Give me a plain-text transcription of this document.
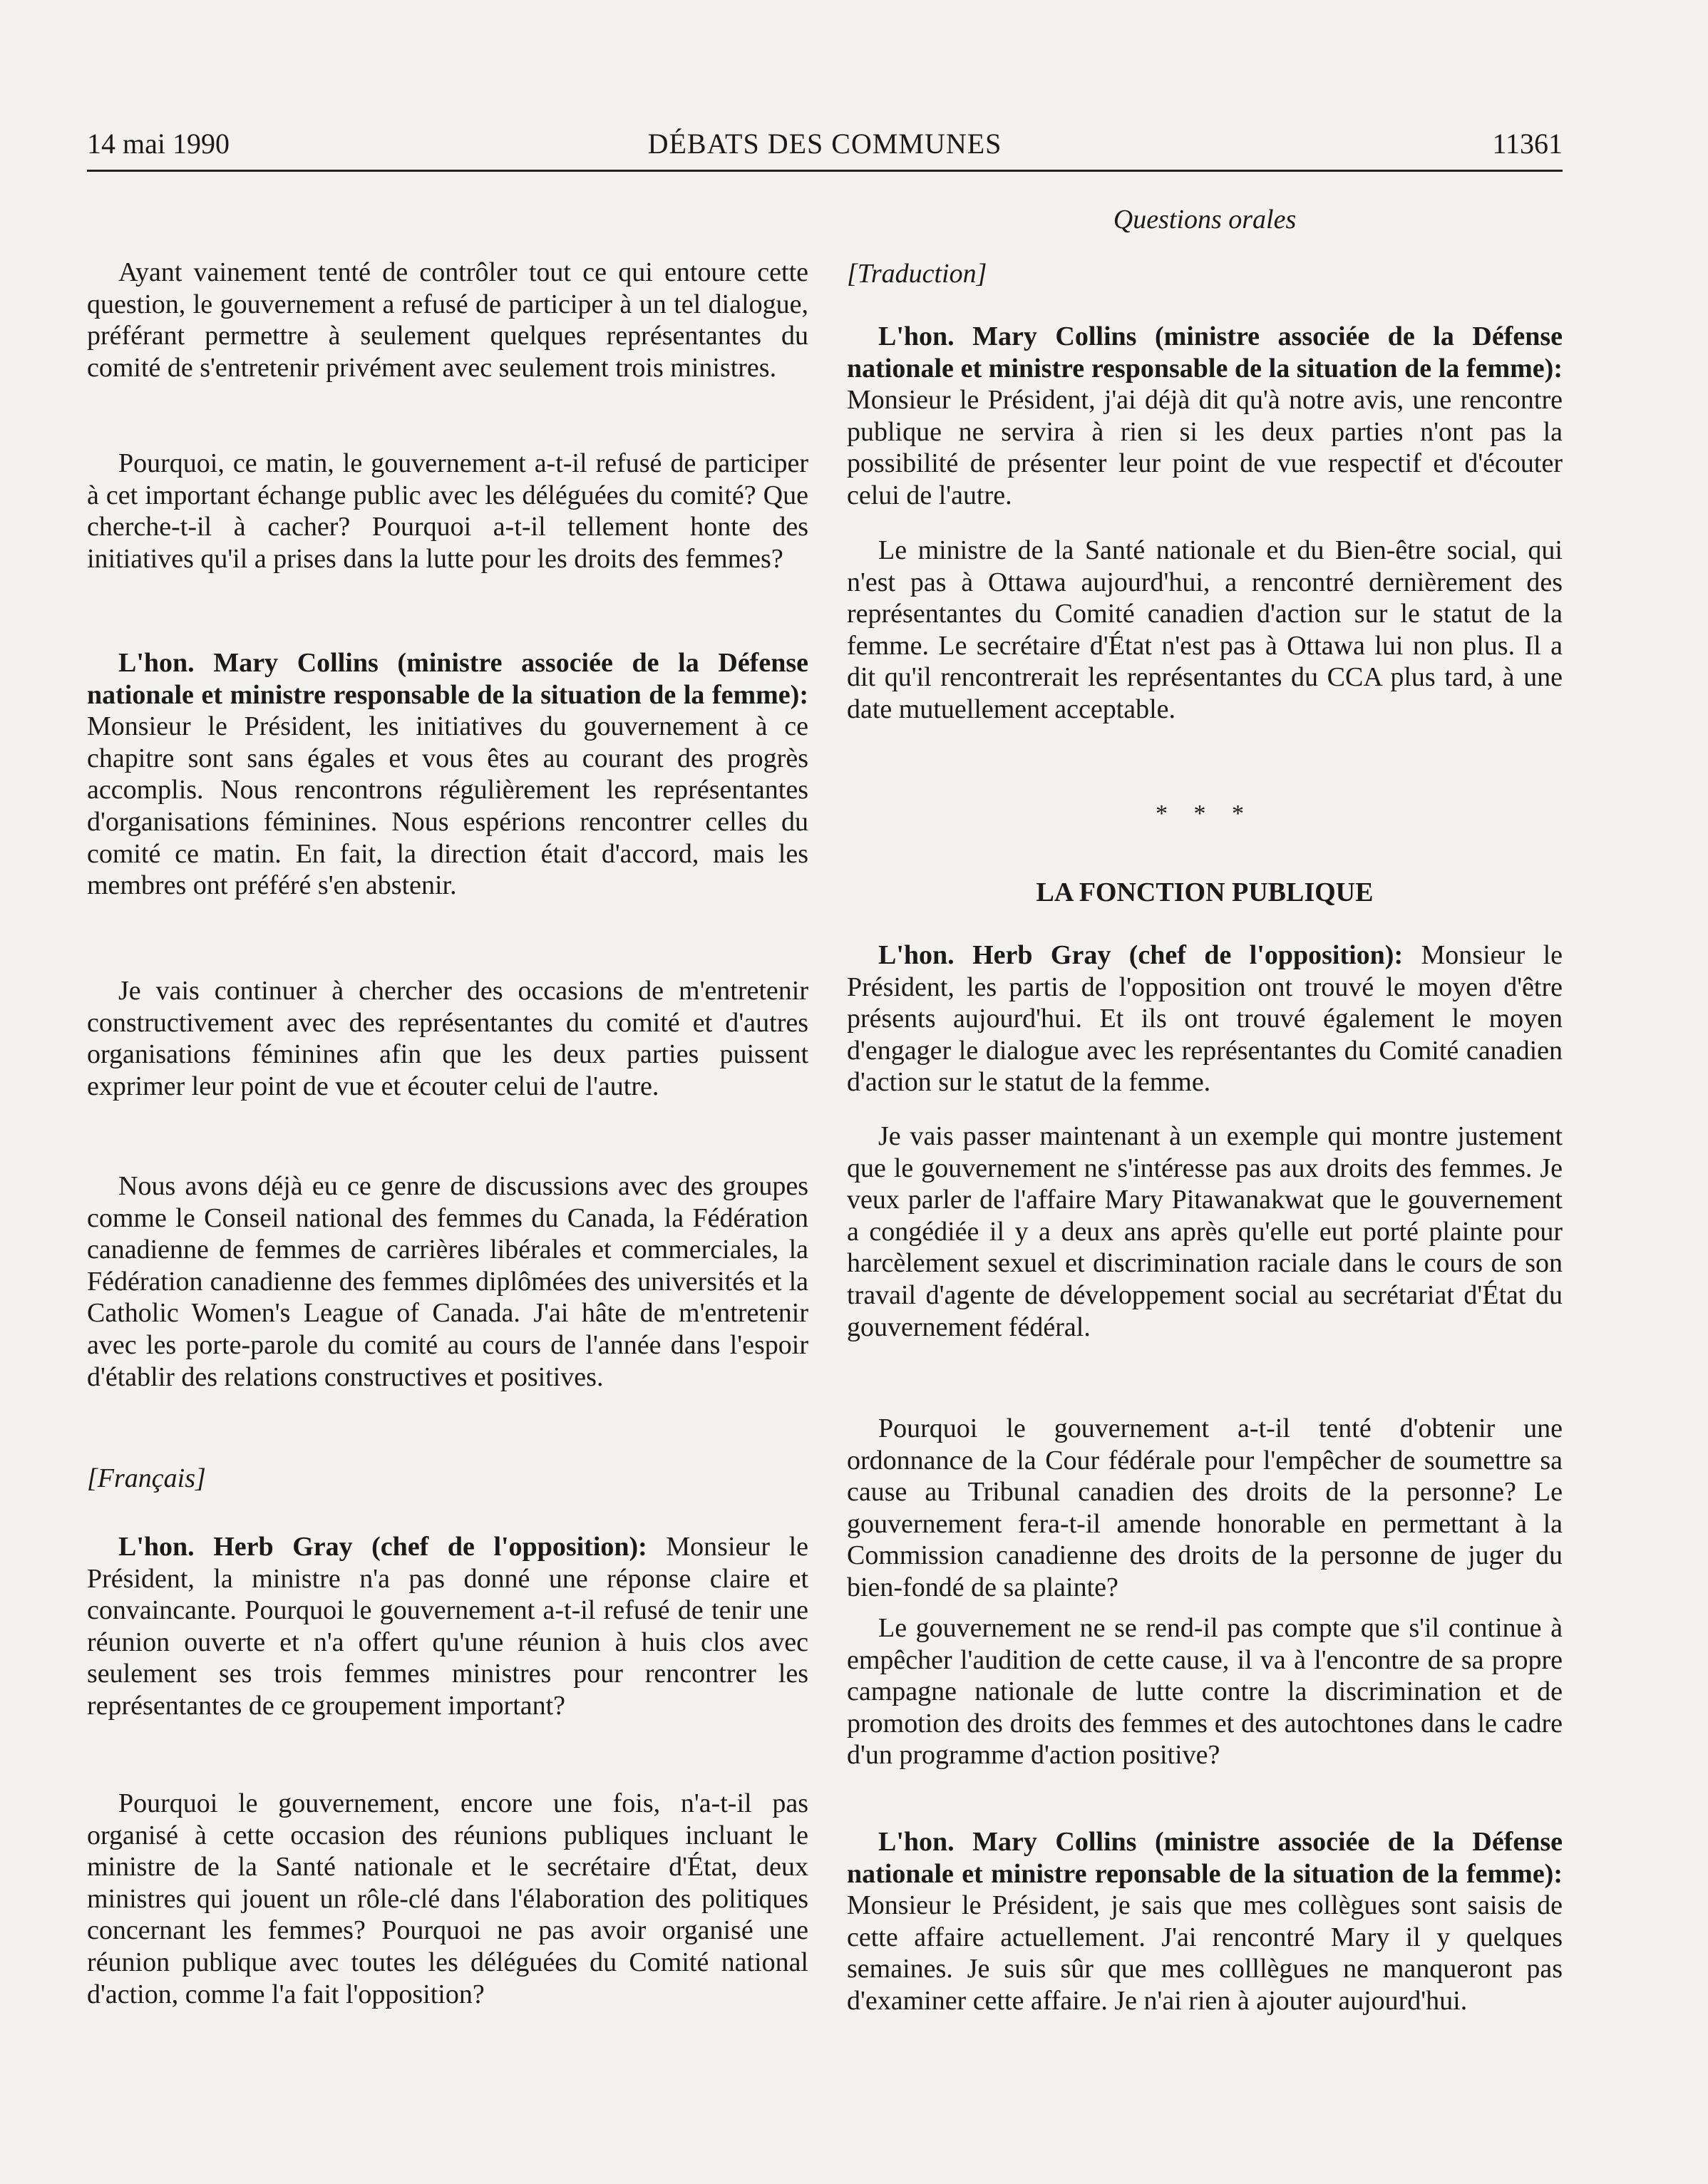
14 mai 1990	DÉBATS DES COMMUNES	11361
Questions orales

Ayant vainement tenté de contrôler tout ce qui entoure cette question, le gouvernement a refusé de participer à un tel dialogue, préférant permettre à seulement quelques représentantes du comité de s'entretenir privément avec seulement trois ministres.

Pourquoi, ce matin, le gouvernement a-t-il refusé de participer à cet important échange public avec les déléguées du comité? Que cherche-t-il à cacher? Pourquoi a-t-il tellement honte des initiatives qu'il a prises dans la lutte pour les droits des femmes?

L'hon. Mary Collins (ministre associée de la Défense nationale et ministre responsable de la situation de la femme): Monsieur le Président, les initiatives du gouvernement à ce chapitre sont sans égales et vous êtes au courant des progrès accomplis. Nous rencontrons régulièrement les représentantes d'organisations féminines. Nous espérions rencontrer celles du comité ce matin. En fait, la direction était d'accord, mais les membres ont préféré s'en abstenir.

Je vais continuer à chercher des occasions de m'entretenir constructivement avec des représentantes du comité et d'autres organisations féminines afin que les deux parties puissent exprimer leur point de vue et écouter celui de l'autre.

Nous avons déjà eu ce genre de discussions avec des groupes comme le Conseil national des femmes du Canada, la Fédération canadienne de femmes de carrières libérales et commerciales, la Fédération canadienne des femmes diplômées des universités et la Catholic Women's League of Canada. J'ai hâte de m'entretenir avec les porte-parole du comité au cours de l'année dans l'espoir d'établir des relations constructives et positives.

[Français]

L'hon. Herb Gray (chef de l'opposition): Monsieur le Président, la ministre n'a pas donné une réponse claire et convaincante. Pourquoi le gouvernement a-t-il refusé de tenir une réunion ouverte et n'a offert qu'une réunion à huis clos avec seulement ses trois femmes ministres pour rencontrer les représentantes de ce groupement important?

Pourquoi le gouvernement, encore une fois, n'a-t-il pas organisé à cette occasion des réunions publiques incluant le ministre de la Santé nationale et le secrétaire d'État, deux ministres qui jouent un rôle-clé dans l'élaboration des politiques concernant les femmes? Pourquoi ne pas avoir organisé une réunion publique avec toutes les déléguées du Comité national d'action, comme l'a fait l'opposition?

[Traduction]

L'hon. Mary Collins (ministre associée de la Défense nationale et ministre responsable de la situation de la femme): Monsieur le Président, j'ai déjà dit qu'à notre avis, une rencontre publique ne servira à rien si les deux parties n'ont pas la possibilité de présenter leur point de vue respectif et d'écouter celui de l'autre.

Le ministre de la Santé nationale et du Bien-être social, qui n'est pas à Ottawa aujourd'hui, a rencontré dernièrement des représentantes du Comité canadien d'action sur le statut de la femme. Le secrétaire d'État n'est pas à Ottawa lui non plus. Il a dit qu'il rencontrerait les représentantes du CCA plus tard, à une date mutuellement acceptable.

* * *

LA FONCTION PUBLIQUE

L'hon. Herb Gray (chef de l'opposition): Monsieur le Président, les partis de l'opposition ont trouvé le moyen d'être présents aujourd'hui. Et ils ont trouvé également le moyen d'engager le dialogue avec les représentantes du Comité canadien d'action sur le statut de la femme.

Je vais passer maintenant à un exemple qui montre justement que le gouvernement ne s'intéresse pas aux droits des femmes. Je veux parler de l'affaire Mary Pitawanakwat que le gouvernement a congédiée il y a deux ans après qu'elle eut porté plainte pour harcèlement sexuel et discrimination raciale dans le cours de son travail d'agente de développement social au secrétariat d'État du gouvernement fédéral.

Pourquoi le gouvernement a-t-il tenté d'obtenir une ordonnance de la Cour fédérale pour l'empêcher de soumettre sa cause au Tribunal canadien des droits de la personne? Le gouvernement fera-t-il amende honorable en permettant à la Commission canadienne des droits de la personne de juger du bien-fondé de sa plainte?

Le gouvernement ne se rend-il pas compte que s'il continue à empêcher l'audition de cette cause, il va à l'encontre de sa propre campagne nationale de lutte contre la discrimination et de promotion des droits des femmes et des autochtones dans le cadre d'un programme d'action positive?

L'hon. Mary Collins (ministre associée de la Défense nationale et ministre reponsable de la situation de la femme): Monsieur le Président, je sais que mes collègues sont saisis de cette affaire actuellement. J'ai rencontré Mary il y quelques semaines. Je suis sûr que mes colllègues ne manqueront pas d'examiner cette affaire. Je n'ai rien à ajouter aujourd'hui.
